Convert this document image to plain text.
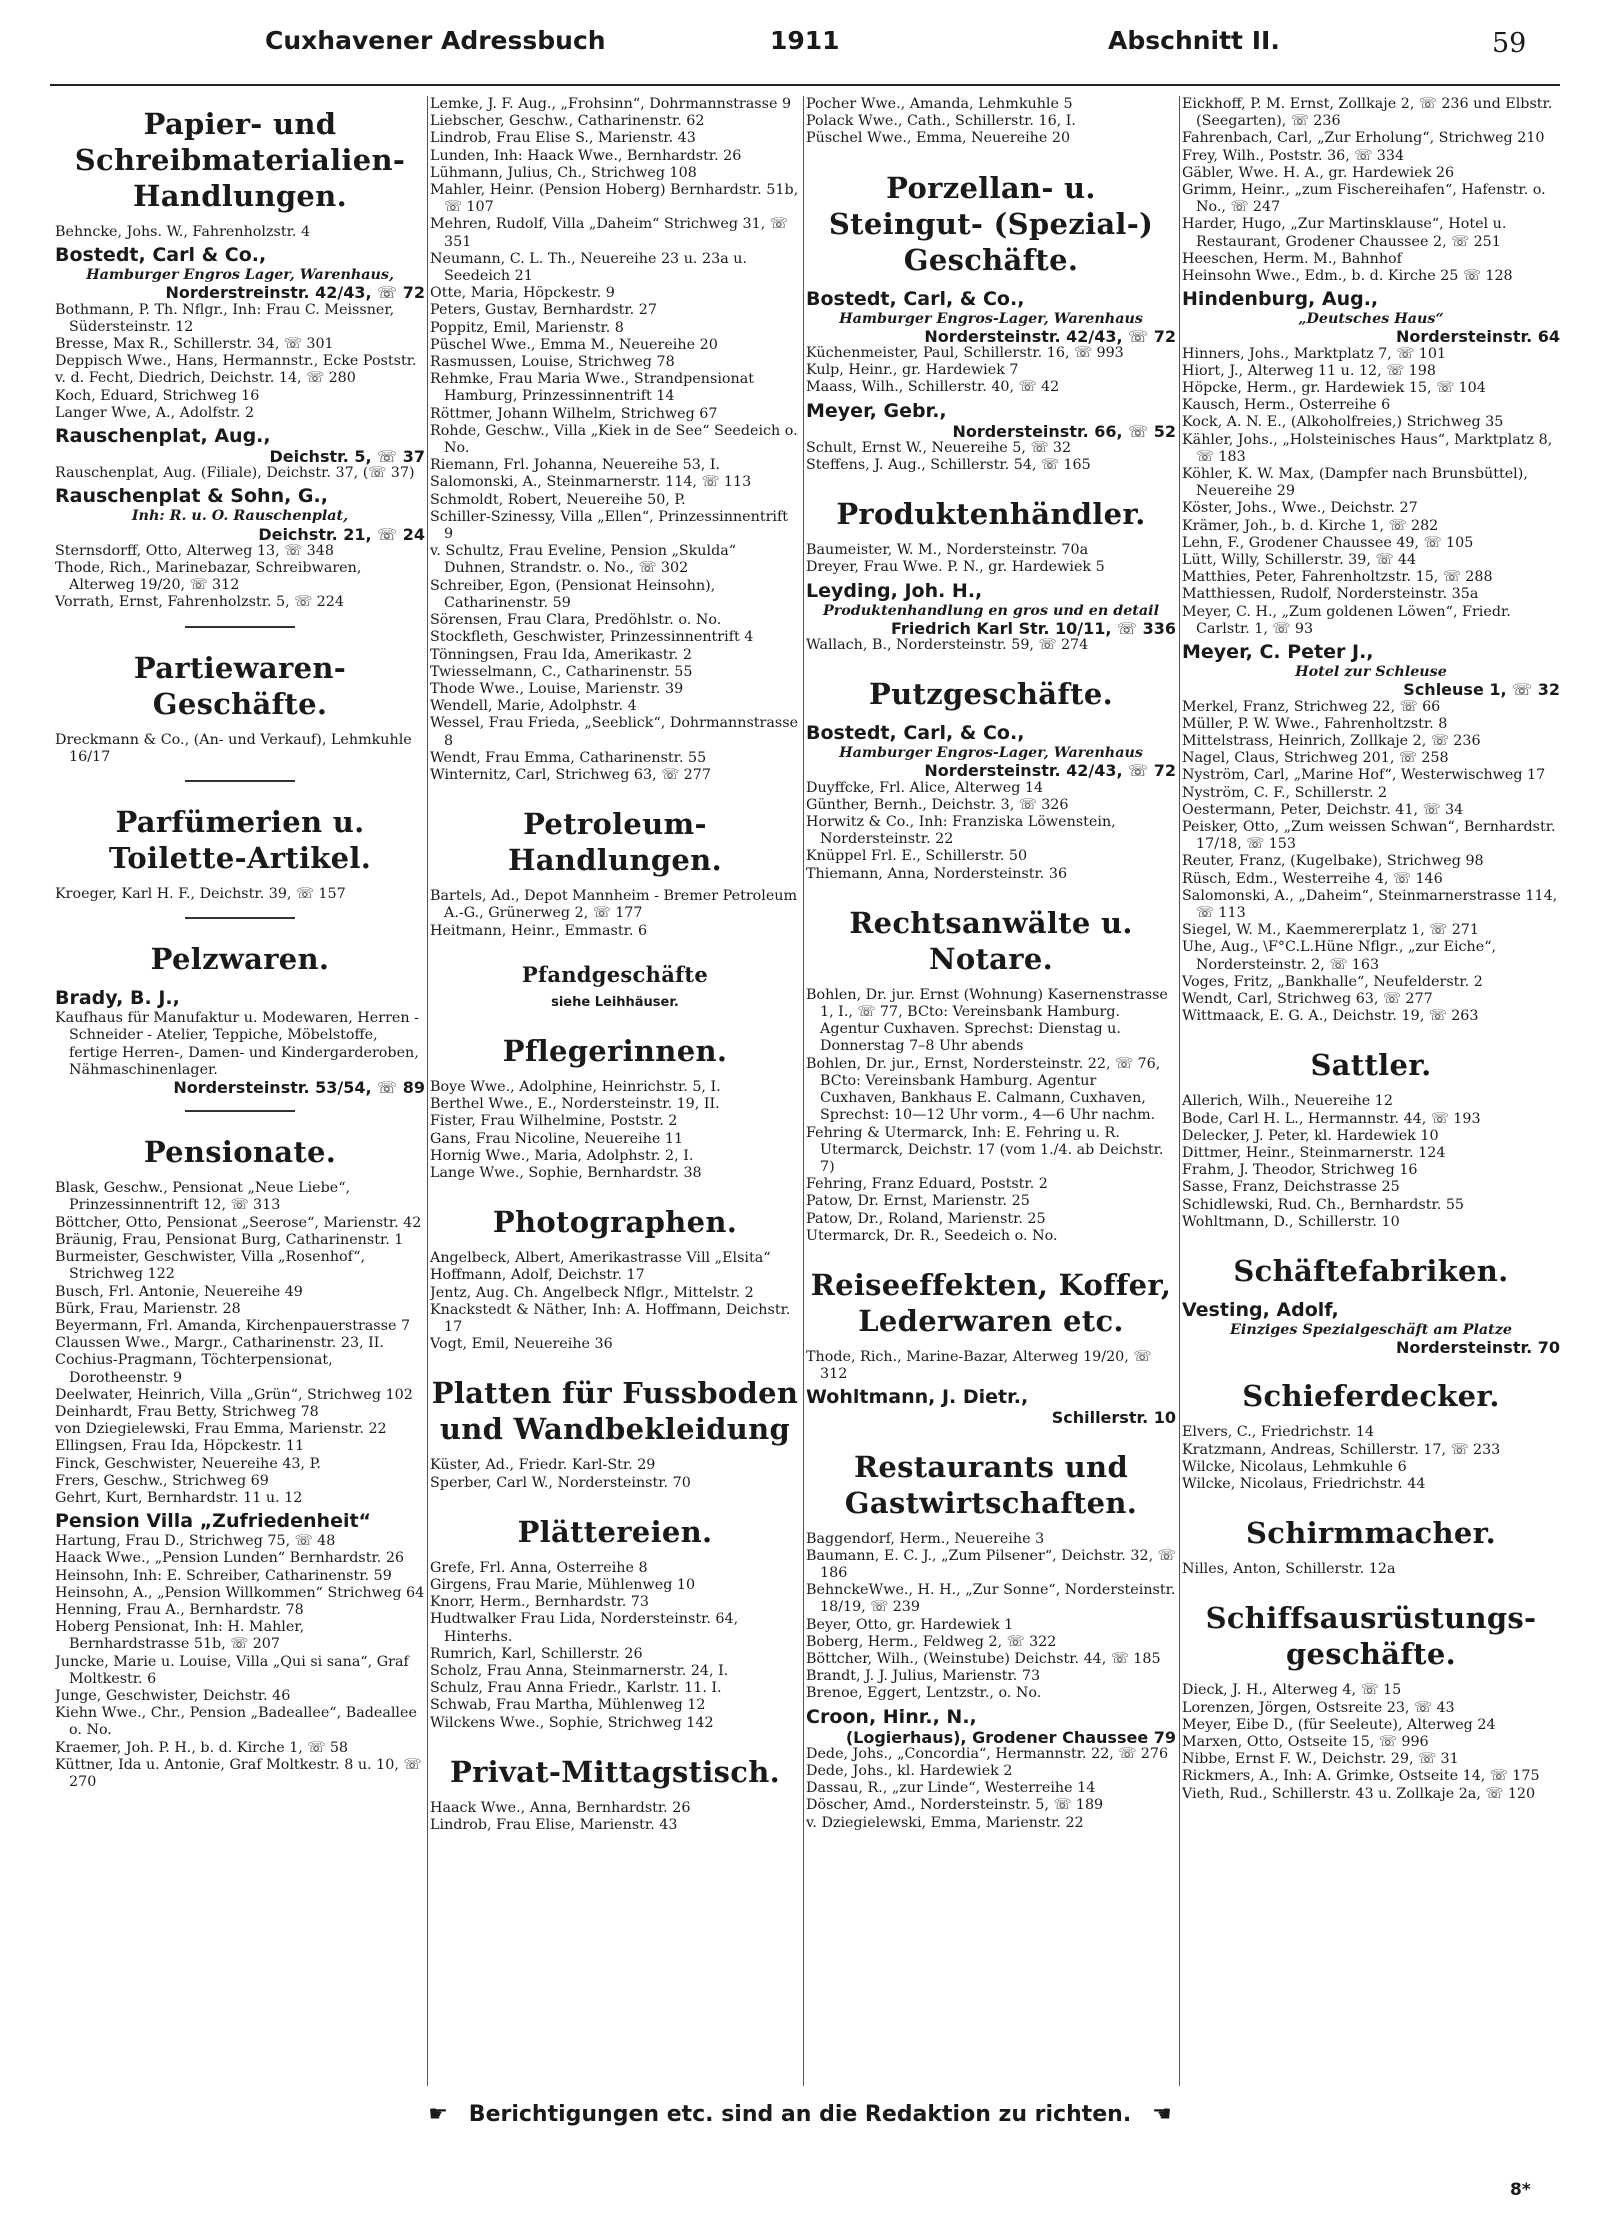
Cuxhavener Adressbuch	1911	Abschnitt II.	59
Papier- und Schreibmaterialien-Handlungen.

Behncke, Johs. W., Fahrenholzstr. 4

Bostedt, Carl & Co.,

Hamburger Engros Lager, Warenhaus,

Norderstreinstr. 42/43, ☏ 72

Bothmann, P. Th. Nflgr., Inh: Frau C. Meissner, Südersteinstr. 12

Bresse, Max R., Schillerstr. 34, ☏ 301

Deppisch Wwe., Hans, Hermannstr., Ecke Poststr.

v. d. Fecht, Diedrich, Deichstr. 14, ☏ 280

Koch, Eduard, Strichweg 16

Langer Wwe, A., Adolfstr. 2

Rauschenplat, Aug.,

Deichstr. 5, ☏ 37

Rauschenplat, Aug. (Filiale), Deichstr. 37, (☏ 37)

Rauschenplat & Sohn, G.,

Inh: R. u. O. Rauschenplat,

Deichstr. 21, ☏ 24

Sternsdorff, Otto, Alterweg 13, ☏ 348

Thode, Rich., Marinebazar, Schreibwaren, Alterweg 19/20, ☏ 312

Vorrath, Ernst, Fahrenholzstr. 5, ☏ 224

Partiewaren-Geschäfte.

Dreckmann & Co., (An- und Verkauf), Lehmkuhle 16/17

Parfümerien u. Toilette-Artikel.

Kroeger, Karl H. F., Deichstr. 39, ☏ 157

Pelzwaren.
Brady, B. J.,

Kaufhaus für Manufaktur u. Modewaren, Herren - Schneider - Atelier, Teppiche, Möbelstoffe, fertige Herren-, Damen- und Kindergarderoben, Nähmaschinenlager.

Nordersteinstr. 53/54, ☏ 89

Pensionate.

Blask, Geschw., Pensionat „Neue Liebe“, Prinzessinnentrift 12, ☏ 313

Böttcher, Otto, Pensionat „Seerose“, Marienstr. 42

Bräunig, Frau, Pensionat Burg, Catharinenstr. 1

Burmeister, Geschwister, Villa „Rosenhof“, Strichweg 122

Busch, Frl. Antonie, Neuereihe 49

Bürk, Frau, Marienstr. 28

Beyermann, Frl. Amanda, Kirchenpauerstrasse 7

Claussen Wwe., Margr., Catharinenstr. 23, II.

Cochius-Pragmann, Töchterpensionat, Dorotheenstr. 9

Deelwater, Heinrich, Villa „Grün“, Strichweg 102

Deinhardt, Frau Betty, Strichweg 78

von Dziegielewski, Frau Emma, Marienstr. 22

Ellingsen, Frau Ida, Höpckestr. 11

Finck, Geschwister, Neuereihe 43, P.

Frers, Geschw., Strichweg 69

Gehrt, Kurt, Bernhardstr. 11 u. 12

Pension Villa „Zufriedenheit“

Hartung, Frau D., Strichweg 75, ☏ 48

Haack Wwe., „Pension Lunden“ Bernhardstr. 26

Heinsohn, Inh: E. Schreiber, Catharinenstr. 59

Heinsohn, A., „Pension Willkommen“ Strichweg 64

Henning, Frau A., Bernhardstr. 78

Hoberg Pensionat, Inh: H. Mahler, Bernhardstrasse 51b, ☏ 207

Juncke, Marie u. Louise, Villa „Qui si sana“, Graf Moltkestr. 6

Junge, Geschwister, Deichstr. 46

Kiehn Wwe., Chr., Pension „Badeallee“, Badeallee o. No.

Kraemer, Joh. P. H., b. d. Kirche 1, ☏ 58

Küttner, Ida u. Antonie, Graf Moltkestr. 8 u. 10, ☏ 270

Lemke, J. F. Aug., „Frohsinn“, Dohrmannstrasse 9

Liebscher, Geschw., Catharinenstr. 62

Lindrob, Frau Elise S., Marienstr. 43

Lunden, Inh: Haack Wwe., Bernhardstr. 26

Lühmann, Julius, Ch., Strichweg 108

Mahler, Heinr. (Pension Hoberg) Bernhardstr. 51b, ☏ 107

Mehren, Rudolf, Villa „Daheim“ Strichweg 31, ☏ 351

Neumann, C. L. Th., Neuereihe 23 u. 23a u. Seedeich 21

Otte, Maria, Höpckestr. 9

Peters, Gustav, Bernhardstr. 27

Poppitz, Emil, Marienstr. 8

Püschel Wwe., Emma M., Neuereihe 20

Rasmussen, Louise, Strichweg 78

Rehmke, Frau Maria Wwe., Strandpensionat Hamburg, Prinzessinnentrift 14

Röttmer, Johann Wilhelm, Strichweg 67

Rohde, Geschw., Villa „Kiek in de See“ Seedeich o. No.

Riemann, Frl. Johanna, Neuereihe 53, I.

Salomonski, A., Steinmarnerstr. 114, ☏ 113

Schmoldt, Robert, Neuereihe 50, P.

Schiller-Szinessy, Villa „Ellen“, Prinzessinnentrift 9

v. Schultz, Frau Eveline, Pension „Skulda“ Duhnen, Strandstr. o. No., ☏ 302

Schreiber, Egon, (Pensionat Heinsohn), Catharinenstr. 59

Sörensen, Frau Clara, Predöhlstr. o. No.

Stockfleth, Geschwister, Prinzessinnentrift 4

Tönningsen, Frau Ida, Amerikastr. 2

Twiesselmann, C., Catharinenstr. 55

Thode Wwe., Louise, Marienstr. 39

Wendell, Marie, Adolphstr. 4

Wessel, Frau Frieda, „Seeblick“, Dohrmannstrasse 8

Wendt, Frau Emma, Catharinenstr. 55

Winternitz, Carl, Strichweg 63, ☏ 277

Petroleum-Handlungen.

Bartels, Ad., Depot Mannheim - Bremer Petroleum A.-G., Grünerweg 2, ☏ 177

Heitmann, Heinr., Emmastr. 6

Pfandgeschäfte
siehe Leihhäuser.
Pflegerinnen.

Boye Wwe., Adolphine, Heinrichstr. 5, I.

Berthel Wwe., E., Nordersteinstr. 19, II.

Fister, Frau Wilhelmine, Poststr. 2

Gans, Frau Nicoline, Neuereihe 11

Hornig Wwe., Maria, Adolphstr. 2, I.

Lange Wwe., Sophie, Bernhardstr. 38

Photographen.

Angelbeck, Albert, Amerikastrasse Vill „Elsita“

Hoffmann, Adolf, Deichstr. 17

Jentz, Aug. Ch. Angelbeck Nflgr., Mittelstr. 2

Knackstedt & Näther, Inh: A. Hoffmann, Deichstr. 17

Vogt, Emil, Neuereihe 36

Platten für Fussboden und Wandbekleidung

Küster, Ad., Friedr. Karl-Str. 29

Sperber, Carl W., Nordersteinstr. 70

Plättereien.

Grefe, Frl. Anna, Osterreihe 8

Girgens, Frau Marie, Mühlenweg 10

Knorr, Herm., Bernhardstr. 73

Hudtwalker Frau Lida, Nordersteinstr. 64, Hinterhs.

Rumrich, Karl, Schillerstr. 26

Scholz, Frau Anna, Steinmarnerstr. 24, I.

Schulz, Frau Anna Friedr., Karlstr. 11. I.

Schwab, Frau Martha, Mühlenweg 12

Wilckens Wwe., Sophie, Strichweg 142

Privat-Mittagstisch.

Haack Wwe., Anna, Bernhardstr. 26

Lindrob, Frau Elise, Marienstr. 43

Pocher Wwe., Amanda, Lehmkuhle 5

Polack Wwe., Cath., Schillerstr. 16, I.

Püschel Wwe., Emma, Neuereihe 20

Porzellan- u. Steingut- (Spezial-) Geschäfte.
Bostedt, Carl, & Co.,

Hamburger Engros-Lager, Warenhaus

Nordersteinstr. 42/43, ☏ 72

Küchenmeister, Paul, Schillerstr. 16, ☏ 993

Kulp, Heinr., gr. Hardewiek 7

Maass, Wilh., Schillerstr. 40, ☏ 42

Meyer, Gebr.,

Nordersteinstr. 66, ☏ 52

Schult, Ernst W., Neuereihe 5, ☏ 32

Steffens, J. Aug., Schillerstr. 54, ☏ 165

Produktenhändler.

Baumeister, W. M., Nordersteinstr. 70a

Dreyer, Frau Wwe. P. N., gr. Hardewiek 5

Leyding, Joh. H.,

Produktenhandlung en gros und en detail

Friedrich Karl Str. 10/11, ☏ 336

Wallach, B., Nordersteinstr. 59, ☏ 274

Putzgeschäfte.
Bostedt, Carl, & Co.,

Hamburger Engros-Lager, Warenhaus

Nordersteinstr. 42/43, ☏ 72

Duyffcke, Frl. Alice, Alterweg 14

Günther, Bernh., Deichstr. 3, ☏ 326

Horwitz & Co., Inh: Franziska Löwenstein, Nordersteinstr. 22

Knüppel Frl. E., Schillerstr. 50

Thiemann, Anna, Nordersteinstr. 36

Rechtsanwälte u. Notare.

Bohlen, Dr. jur. Ernst (Wohnung) Kasernenstrasse 1, I., ☏ 77, BCto: Vereinsbank Hamburg. Agentur Cuxhaven. Sprechst: Dienstag u. Donnerstag 7–8 Uhr abends

Bohlen, Dr. jur., Ernst, Nordersteinstr. 22, ☏ 76, BCto: Vereinsbank Hamburg. Agentur Cuxhaven, Bankhaus E. Calmann, Cuxhaven, Sprechst: 10—12 Uhr vorm., 4—6 Uhr nachm.

Fehring & Utermarck, Inh: E. Fehring u. R. Utermarck, Deichstr. 17 (vom 1./4. ab Deichstr. 7)

Fehring, Franz Eduard, Poststr. 2

Patow, Dr. Ernst, Marienstr. 25

Patow, Dr., Roland, Marienstr. 25

Utermarck, Dr. R., Seedeich o. No.

Reiseeffekten, Koffer, Lederwaren etc.

Thode, Rich., Marine-Bazar, Alterweg 19/20, ☏ 312

Wohltmann, J. Dietr.,

Schillerstr. 10

Restaurants und Gastwirtschaften.

Baggendorf, Herm., Neuereihe 3

Baumann, E. C. J., „Zum Pilsener“, Deichstr. 32, ☏ 186

BehnckeWwe., H. H., „Zur Sonne“, Nordersteinstr. 18/19, ☏ 239

Beyer, Otto, gr. Hardewiek 1

Boberg, Herm., Feldweg 2, ☏ 322

Böttcher, Wilh., (Weinstube) Deichstr. 44, ☏ 185

Brandt, J. J. Julius, Marienstr. 73

Brenoe, Eggert, Lentzstr., o. No.

Croon, Hinr., N.,

(Logierhaus), Grodener Chaussee 79

Dede, Johs., „Concordia“, Hermannstr. 22, ☏ 276

Dede, Johs., kl. Hardewiek 2

Dassau, R., „zur Linde“, Westerreihe 14

Döscher, Amd., Nordersteinstr. 5, ☏ 189

v. Dziegielewski, Emma, Marienstr. 22

Eickhoff, P. M. Ernst, Zollkaje 2, ☏ 236 und Elbstr. (Seegarten), ☏ 236

Fahrenbach, Carl, „Zur Erholung“, Strichweg 210

Frey, Wilh., Poststr. 36, ☏ 334

Gäbler, Wwe. H. A., gr. Hardewiek 26

Grimm, Heinr., „zum Fischereihafen“, Hafenstr. o. No., ☏ 247

Harder, Hugo, „Zur Martinsklause“, Hotel u. Restaurant, Grodener Chaussee 2, ☏ 251

Heeschen, Herm. M., Bahnhof

Heinsohn Wwe., Edm., b. d. Kirche 25 ☏ 128

Hindenburg, Aug.,

„Deutsches Haus“

Nordersteinstr. 64

Hinners, Johs., Marktplatz 7, ☏ 101

Hiort, J., Alterweg 11 u. 12, ☏ 198

Höpcke, Herm., gr. Hardewiek 15, ☏ 104

Kausch, Herm., Osterreihe 6

Kock, A. N. E., (Alkoholfreies,) Strichweg 35

Kähler, Johs., „Holsteinisches Haus“, Marktplatz 8, ☏ 183

Köhler, K. W. Max, (Dampfer nach Brunsbüttel), Neuereihe 29

Köster, Johs., Wwe., Deichstr. 27

Krämer, Joh., b. d. Kirche 1, ☏ 282

Lehn, F., Grodener Chaussee 49, ☏ 105

Lütt, Willy, Schillerstr. 39, ☏ 44

Matthies, Peter, Fahrenholtzstr. 15, ☏ 288

Matthiessen, Rudolf, Nordersteinstr. 35a

Meyer, C. H., „Zum goldenen Löwen“, Friedr. Carlstr. 1, ☏ 93

Meyer, C. Peter J.,

Hotel zur Schleuse

Schleuse 1, ☏ 32

Merkel, Franz, Strichweg 22, ☏ 66

Müller, P. W. Wwe., Fahrenholtzstr. 8

Mittelstrass, Heinrich, Zollkaje 2, ☏ 236

Nagel, Claus, Strichweg 201, ☏ 258

Nyström, Carl, „Marine Hof“, Westerwischweg 17

Nyström, C. F., Schillerstr. 2

Oestermann, Peter, Deichstr. 41, ☏ 34

Peisker, Otto, „Zum weissen Schwan“, Bernhardstr. 17/18, ☏ 153

Reuter, Franz, (Kugelbake), Strichweg 98

Rüsch, Edm., Westerreihe 4, ☏ 146

Salomonski, A., „Daheim“, Steinmarnerstrasse 114, ☏ 113

Siegel, W. M., Kaemmererplatz 1, ☏ 271

Uhe, Aug., \F°C.L.Hüne Nflgr., „zur Eiche“, Nordersteinstr. 2, ☏ 163

Voges, Fritz, „Bankhalle“, Neufelderstr. 2

Wendt, Carl, Strichweg 63, ☏ 277

Wittmaack, E. G. A., Deichstr. 19, ☏ 263

Sattler.

Allerich, Wilh., Neuereihe 12

Bode, Carl H. L., Hermannstr. 44, ☏ 193

Delecker, J. Peter, kl. Hardewiek 10

Dittmer, Heinr., Steinmarnerstr. 124

Frahm, J. Theodor, Strichweg 16

Sasse, Franz, Deichstrasse 25

Schidlewski, Rud. Ch., Bernhardstr. 55

Wohltmann, D., Schillerstr. 10

Schäftefabriken.
Vesting, Adolf,

Einziges Spezialgeschäft am Platze

Nordersteinstr. 70

Schieferdecker.

Elvers, C., Friedrichstr. 14

Kratzmann, Andreas, Schillerstr. 17, ☏ 233

Wilcke, Nicolaus, Lehmkuhle 6

Wilcke, Nicolaus, Friedrichstr. 44

Schirmmacher.

Nilles, Anton, Schillerstr. 12a

Schiffsausrüstungs-geschäfte.

Dieck, J. H., Alterweg 4, ☏ 15

Lorenzen, Jörgen, Ostsreite 23, ☏ 43

Meyer, Eibe D., (für Seeleute), Alterweg 24

Marxen, Otto, Ostseite 15, ☏ 996

Nibbe, Ernst F. W., Deichstr. 29, ☏ 31

Rickmers, A., Inh: A. Grimke, Ostseite 14, ☏ 175

Vieth, Rud., Schillerstr. 43 u. Zollkaje 2a, ☏ 120

☛ Berichtigungen etc. sind an die Redaktion zu richten. ☚
8*
